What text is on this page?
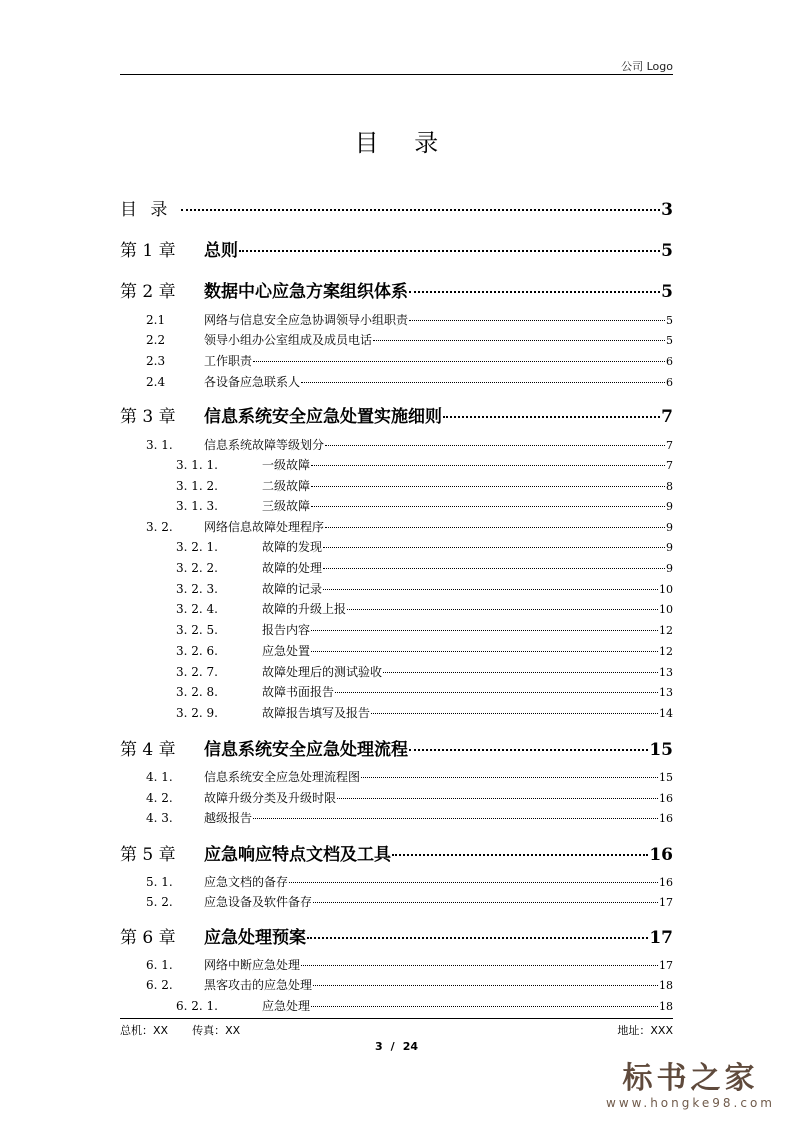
公司 Logo
目 录
目 录	3
第 1 章	总则	5
第 2 章	数据中心应急方案组织体系	5
2.1	网络与信息安全应急协调领导小组职责	5
2.2	领导小组办公室组成及成员电话	5
2.3	工作职责	6
2.4	各设备应急联系人	6
第 3 章	信息系统安全应急处置实施细则	7
3. 1.	信息系统故障等级划分	7
3. 1. 1.	一级故障	7
3. 1. 2.	二级故障	8
3. 1. 3.	三级故障	9
3. 2.	网络信息故障处理程序	9
3. 2. 1.	故障的发现	9
3. 2. 2.	故障的处理	9
3. 2. 3.	故障的记录	10
3. 2. 4.	故障的升级上报	10
3. 2. 5.	报告内容	12
3. 2. 6.	应急处置	12
3. 2. 7.	故障处理后的测试验收	13
3. 2. 8.	故障书面报告	13
3. 2. 9.	故障报告填写及报告	14
第 4 章	信息系统安全应急处理流程	15
4. 1.	信息系统安全应急处理流程图	15
4. 2.	故障升级分类及升级时限	16
4. 3.	越级报告	16
第 5 章	应急响应特点文档及工具	16
5. 1.	应急文档的备存	16
5. 2.	应急设备及软件备存	17
第 6 章	应急处理预案	17
6. 1.	网络中断应急处理	17
6. 2.	黑客攻击的应急处理	18
6. 2. 1.	应急处理	18
总机：XX 传真：XX	地址：XXX
3 / 24
标书之家
www.hongke98.com
